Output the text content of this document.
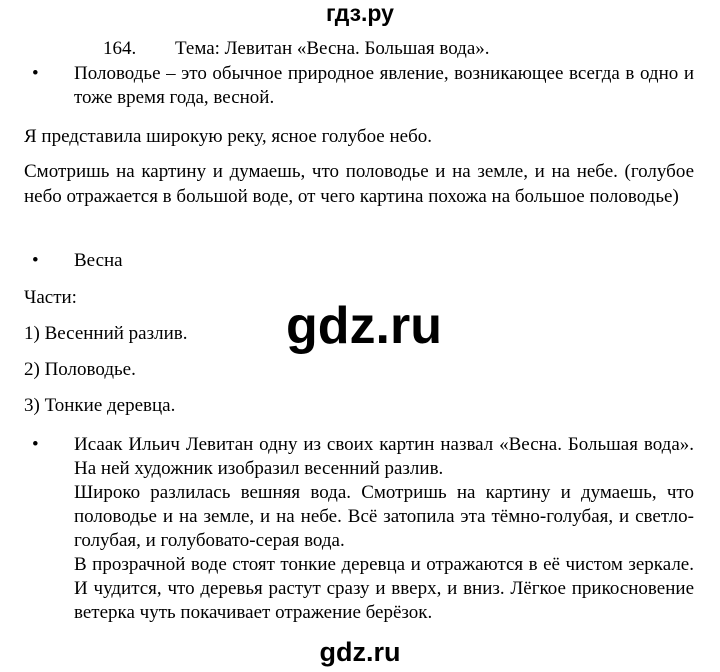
гдз.ру
164. Тема: Левитан «Весна. Большая вода».
• Половодье – это обычное природное явление, возникающее всегда в одно и тоже время года, весной.
Я представила широкую реку, ясное голубое небо.
Смотришь на картину и думаешь, что половодье и на земле, и на небе. (голубое небо отражается в большой воде, от чего картина похожа на большое половодье)
• Весна
Части:
1) Весенний разлив.
2) Половодье.
3) Тонкие деревца.
gdz.ru
• Исаак Ильич Левитан одну из своих картин назвал «Весна. Большая вода». На ней художник изобразил весенний разлив.
Широко разлилась вешняя вода. Смотришь на картину и думаешь, что половодье и на земле, и на небе. Всё затопила эта тёмно-голубая, и светло-голубая, и голубовато-серая вода.
В прозрачной воде стоят тонкие деревца и отражаются в её чистом зеркале. И чудится, что деревья растут сразу и вверх, и вниз. Лёгкое прикосновение ветерка чуть покачивает отражение берёзок.
gdz.ru
